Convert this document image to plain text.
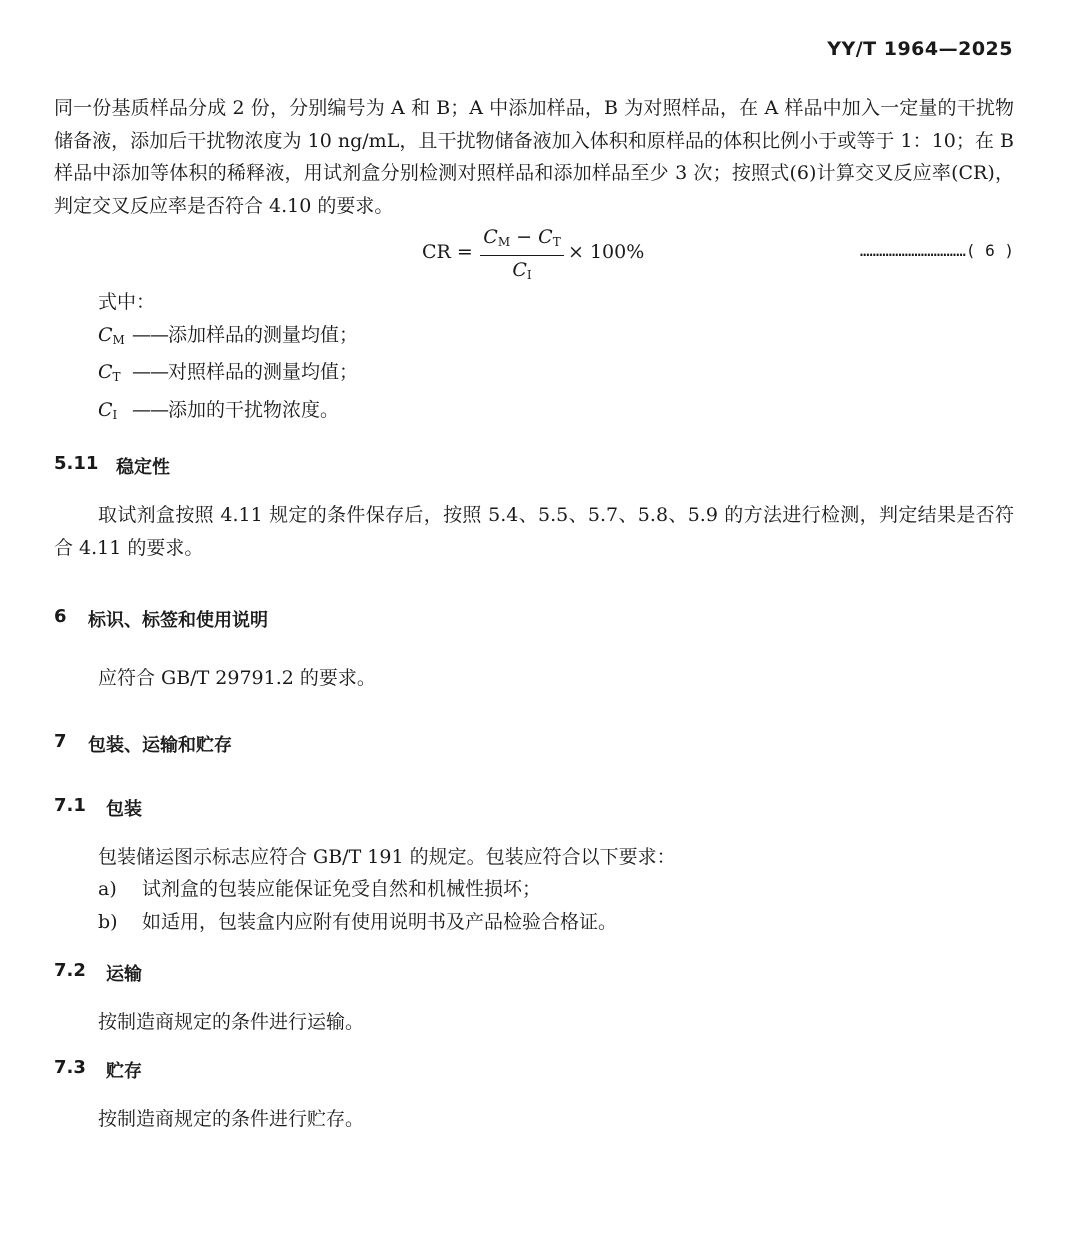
YY/T 1964—2025

同一份基质样品分成 2 份，分别编号为 A 和 B；A 中添加样品，B 为对照样品，在 A 样品中加入一定量的干扰物储备液，添加后干扰物浓度为 10 ng/mL，且干扰物储备液加入体积和原样品的体积比例小于或等于 1：10；在 B 样品中添加等体积的稀释液，用试剂盒分别检测对照样品和添加样品至少 3 次；按照式(6)计算交叉反应率(CR)，判定交叉反应率是否符合 4.10 的要求。

CR =
$C_M - C_T$
$C_I$
× 100%	……………………………( 6 )
式中：
$C_M$ —— 添加样品的测量均值；
$C_T$ —— 对照样品的测量均值；
$C_I$ —— 添加的干扰物浓度。
5.11 稳定性

取试剂盒按照 4.11 规定的条件保存后，按照 5.4、5.5、5.7、5.8、5.9 的方法进行检测，判定结果是否符合 4.11 的要求。

6	标识、标签和使用说明

应符合 GB/T 29791.2 的要求。

7	包装、运输和贮存
7.1	包装

包装储运图示标志应符合 GB/T 191 的规定。包装应符合以下要求：

a)	试剂盒的包装应能保证免受自然和机械性损坏；
b)	如适用，包装盒内应附有使用说明书及产品检验合格证。
7.2	运输

按制造商规定的条件进行运输。

7.3	贮存

按制造商规定的条件进行贮存。
